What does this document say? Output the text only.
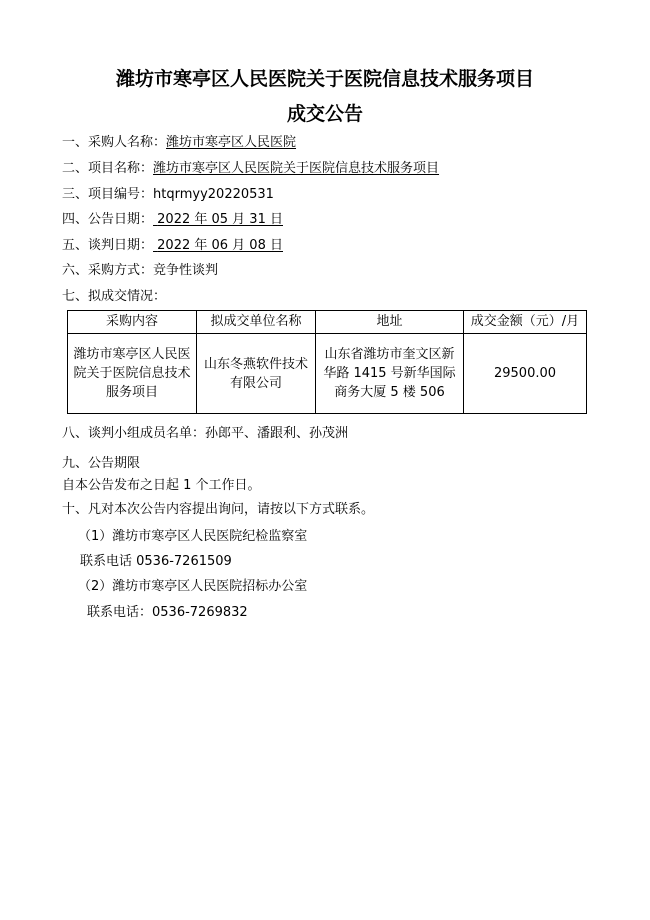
潍坊市寒亭区人民医院关于医院信息技术服务项目
成交公告
一、采购人名称：潍坊市寒亭区人民医院
二、项目名称：潍坊市寒亭区人民医院关于医院信息技术服务项目
三、项目编号：htqrmyy20220531
四、公告日期： 2022 年 05 月 31 日
五、谈判日期： 2022 年 06 月 08 日
六、采购方式：竞争性谈判
七、拟成交情况：
采购内容	拟成交单位名称	地址	成交金额（元）/月
潍坊市寒亭区人民医院关于医院信息技术服务项目	山东冬燕软件技术有限公司	山东省潍坊市奎文区新华路 1415 号新华国际商务大厦 5 楼 506	29500.00
八、谈判小组成员名单：孙郎平、潘跟利、孙茂洲
九、公告期限
自本公告发布之日起 1 个工作日。
十、凡对本次公告内容提出询问，请按以下方式联系。
（1）潍坊市寒亭区人民医院纪检监察室
联系电话 0536-7261509
（2）潍坊市寒亭区人民医院招标办公室
联系电话：0536-7269832
